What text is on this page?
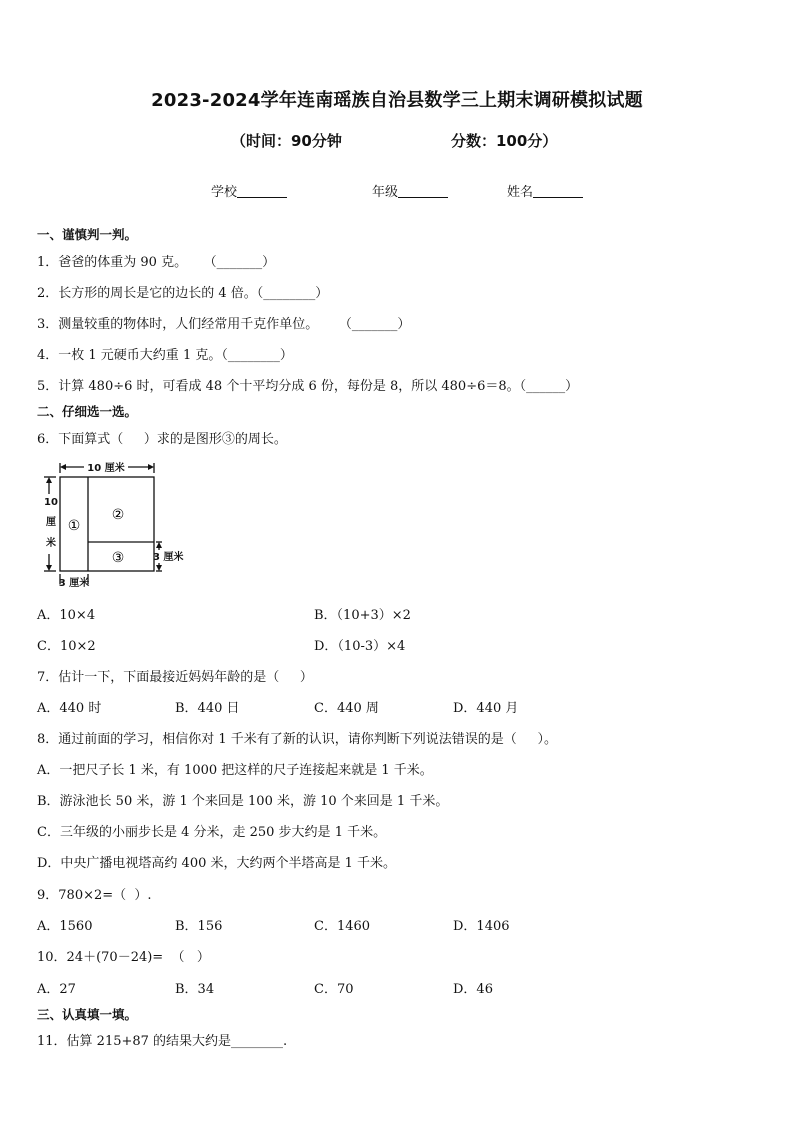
2023-2024学年连南瑶族自治县数学三上期末调研模拟试题
（时间：90分钟	分数：100分）
学校	年级	姓名
一、谨慎判一判。
1．爸爸的体重为 90 克。    （_______）
2．长方形的周长是它的边长的 4 倍。（________）
3．测量较重的物体时，人们经常用千克作单位。     （_______）
4．一枚 1 元硬币大约重 1 克。（________）
5．计算 480÷6 时，可看成 48 个十平均分成 6 份，每份是 8，所以 480÷6＝8。（______）
二、仔细选一选。
6．下面算式（     ）求的是图形③的周长。
10 厘米
10
厘
米
3 厘米
3 厘米
①
②
③
A．10×4	B．（10+3）×2
C．10×2	D．（10-3）×4
7．估计一下，下面最接近妈妈年龄的是（     ）
A．440 时	B．440 日	C．440 周	D．440 月
8．通过前面的学习，相信你对 1 千米有了新的认识，请你判断下列说法错误的是（     ）。
A．一把尺子长 1 米，有 1000 把这样的尺子连接起来就是 1 千米。
B．游泳池长 50 米，游 1 个来回是 100 米，游 10 个来回是 1 千米。
C．三年级的小丽步长是 4 分米，走 250 步大约是 1 千米。
D．中央广播电视塔高约 400 米，大约两个半塔高是 1 千米。
9．780×2=（  ）.
A．1560	B．156	C．1460	D．1406
10．24＋(70－24)=  （   ）
A．27	B．34	C．70	D．46
三、认真填一填。
11．估算 215+87 的结果大约是________.
